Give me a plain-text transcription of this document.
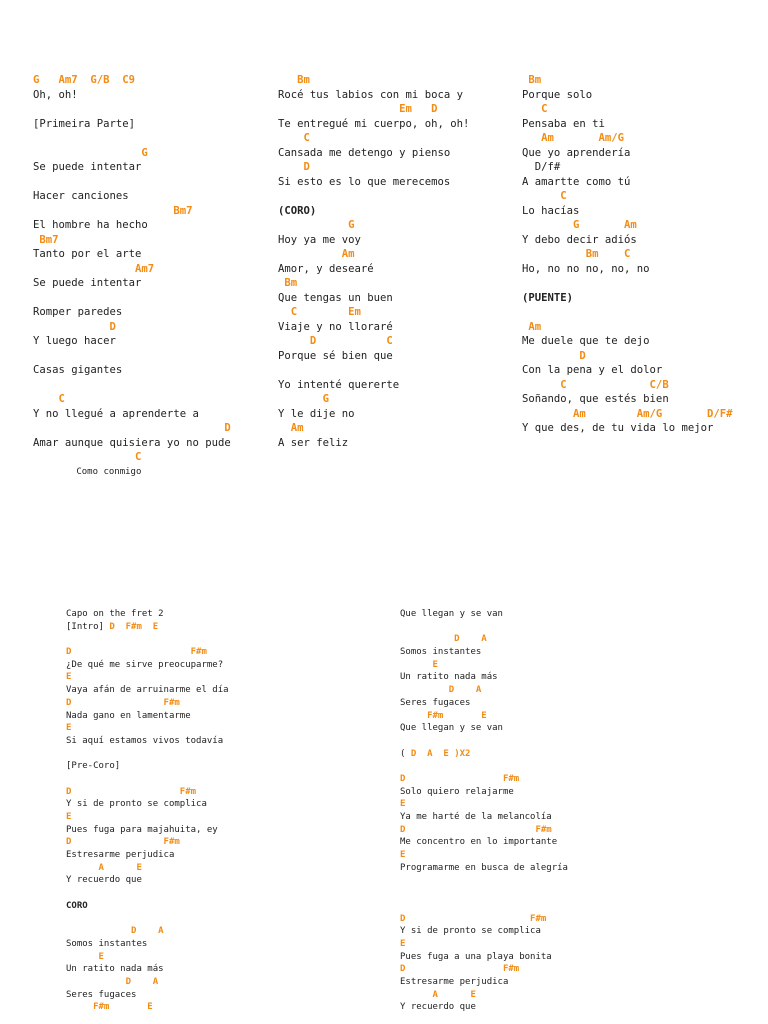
G   Am7  G/B  C9
Oh, oh!
[Primeira Parte]
G
Se puede intentar
Hacer canciones
Bm7
El hombre ha hecho
Bm7
Tanto por el arte
Am7
Se puede intentar
Romper paredes
D
Y luego hacer
Casas gigantes
C
Y no llegué a aprenderte a
D
Amar aunque quisiera yo no pude
C
Como conmigo
Bm
Rocé tus labios con mi boca y
Em   D
Te entregué mi cuerpo, oh, oh!
C
Cansada me detengo y pienso
D
Si esto es lo que merecemos
(CORO)
G
Hoy ya me voy
Am
Amor, y desearé
Bm
Que tengas un buen
C        Em
Viaje y no lloraré
D           C
Porque sé bien que
Yo intenté quererte
G
Y le dije no
Am
A ser feliz
Bm
Porque solo
C
Pensaba en ti
Am       Am/G
Que yo aprendería
D/f#
A amartte como tú
C
Lo hacías
G       Am
Y debo decir adiós
Bm    C
Ho, no no no, no, no
(PUENTE)
Am
Me duele que te dejo
D
Con la pena y el dolor
C             C/B
Soñando, que estés bien
Am        Am/G       D/F#
Y que des, de tu vida lo mejor
Capo on the fret 2
[Intro] D  F#m  E
D                      F#m
¿De qué me sirve preocuparme?
E
Vaya afán de arruinarme el día
D                 F#m
Nada gano en lamentarme
E
Si aquí estamos vivos todavía
[Pre-Coro]
D                    F#m
Y si de pronto se complica
E
Pues fuga para majahuita, ey
D                 F#m
Estresarme perjudica
A      E
Y recuerdo que
CORO
D    A
Somos instantes
E
Un ratito nada más
D    A
Seres fugaces
F#m       E
Que llegan y se van
D    A
Somos instantes
E
Un ratito nada más
D    A
Seres fugaces
F#m       E
Que llegan y se van
( D  A  E )X2
D                  F#m
Solo quiero relajarme
E
Ya me harté de la melancolía
D                        F#m
Me concentro en lo importante
E
Programarme en busca de alegría
D                       F#m
Y si de pronto se complica
E
Pues fuga a una playa bonita
D                  F#m
Estresarme perjudica
A      E
Y recuerdo que
